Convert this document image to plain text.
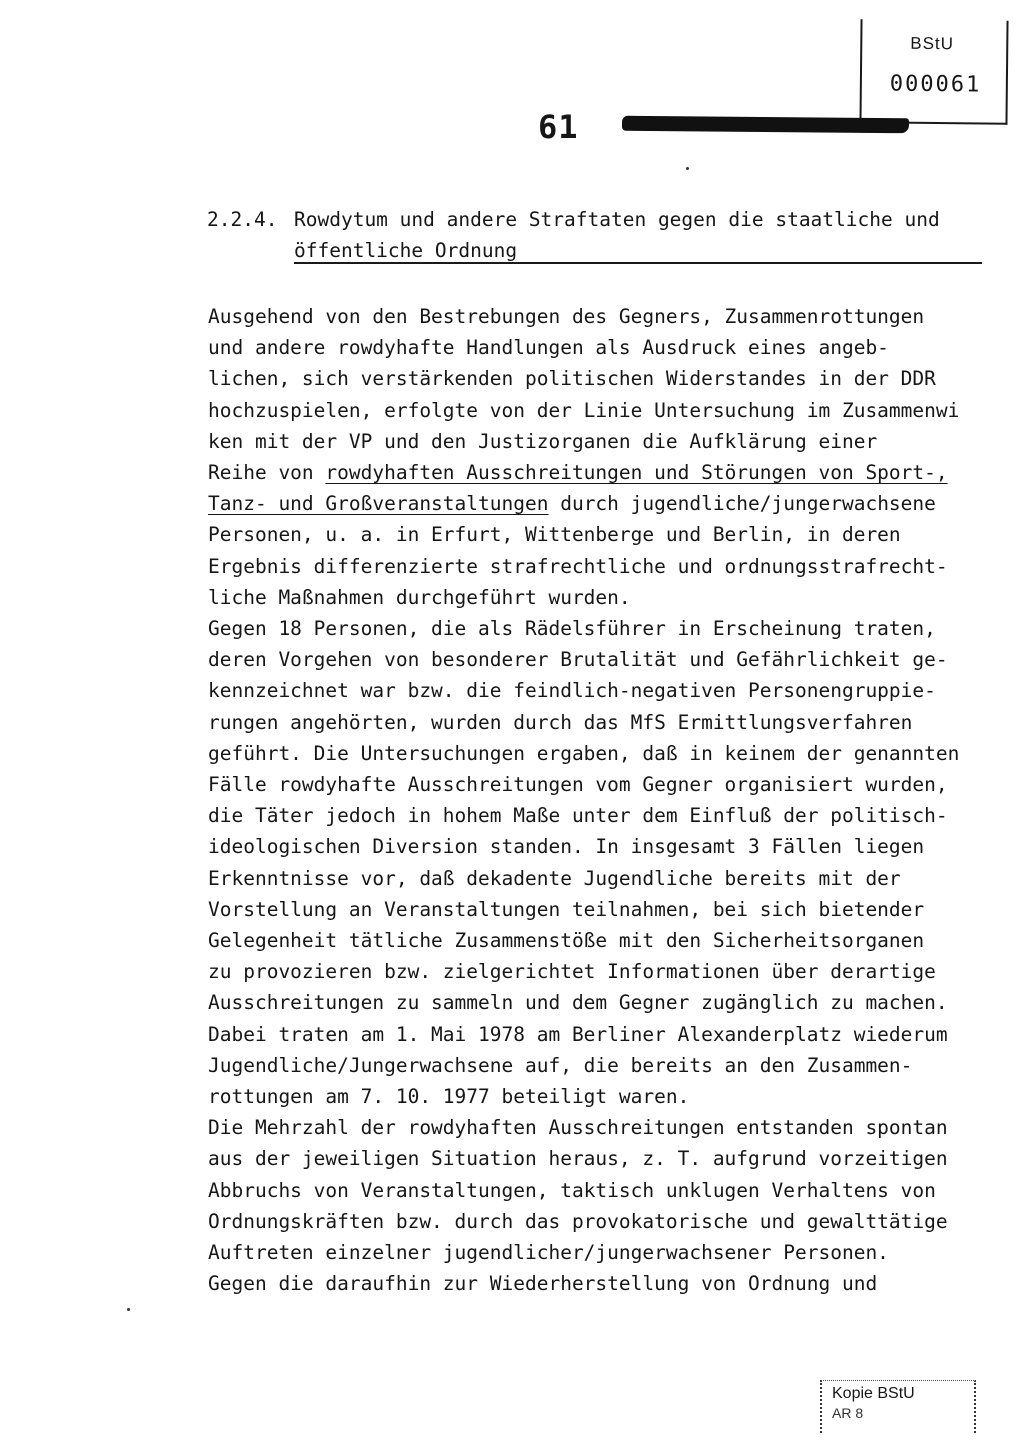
BStU
000061
61
2.2.4. Rowdytum und andere Straftaten gegen die staatliche und
öffentliche Ordnung
Ausgehend von den Bestrebungen des Gegners, Zusammenrottungen
und andere rowdyhafte Handlungen als Ausdruck eines angeb-
lichen, sich verstärkenden politischen Widerstandes in der DDR
hochzuspielen, erfolgte von der Linie Untersuchung im Zusammenwi
ken mit der VP und den Justizorganen die Aufklärung einer
Reihe von rowdyhaften Ausschreitungen und Störungen von Sport-,
Tanz- und Großveranstaltungen durch jugendliche/jungerwachsene
Personen, u. a. in Erfurt, Wittenberge und Berlin, in deren
Ergebnis differenzierte strafrechtliche und ordnungsstrafrecht-
liche Maßnahmen durchgeführt wurden.
Gegen 18 Personen, die als Rädelsführer in Erscheinung traten,
deren Vorgehen von besonderer Brutalität und Gefährlichkeit ge-
kennzeichnet war bzw. die feindlich-negativen Personengruppie-
rungen angehörten, wurden durch das MfS Ermittlungsverfahren
geführt. Die Untersuchungen ergaben, daß in keinem der genannten
Fälle rowdyhafte Ausschreitungen vom Gegner organisiert wurden,
die Täter jedoch in hohem Maße unter dem Einfluß der politisch-
ideologischen Diversion standen. In insgesamt 3 Fällen liegen
Erkenntnisse vor, daß dekadente Jugendliche bereits mit der
Vorstellung an Veranstaltungen teilnahmen, bei sich bietender
Gelegenheit tätliche Zusammenstöße mit den Sicherheitsorganen
zu provozieren bzw. zielgerichtet Informationen über derartige
Ausschreitungen zu sammeln und dem Gegner zugänglich zu machen.
Dabei traten am 1. Mai 1978 am Berliner Alexanderplatz wiederum
Jugendliche/Jungerwachsene auf, die bereits an den Zusammen-
rottungen am 7. 10. 1977 beteiligt waren.
Die Mehrzahl der rowdyhaften Ausschreitungen entstanden spontan
aus der jeweiligen Situation heraus, z. T. aufgrund vorzeitigen
Abbruchs von Veranstaltungen, taktisch unklugen Verhaltens von
Ordnungskräften bzw. durch das provokatorische und gewalttätige
Auftreten einzelner jugendlicher/jungerwachsener Personen.
Gegen die daraufhin zur Wiederherstellung von Ordnung und
Kopie BStU
AR 8
